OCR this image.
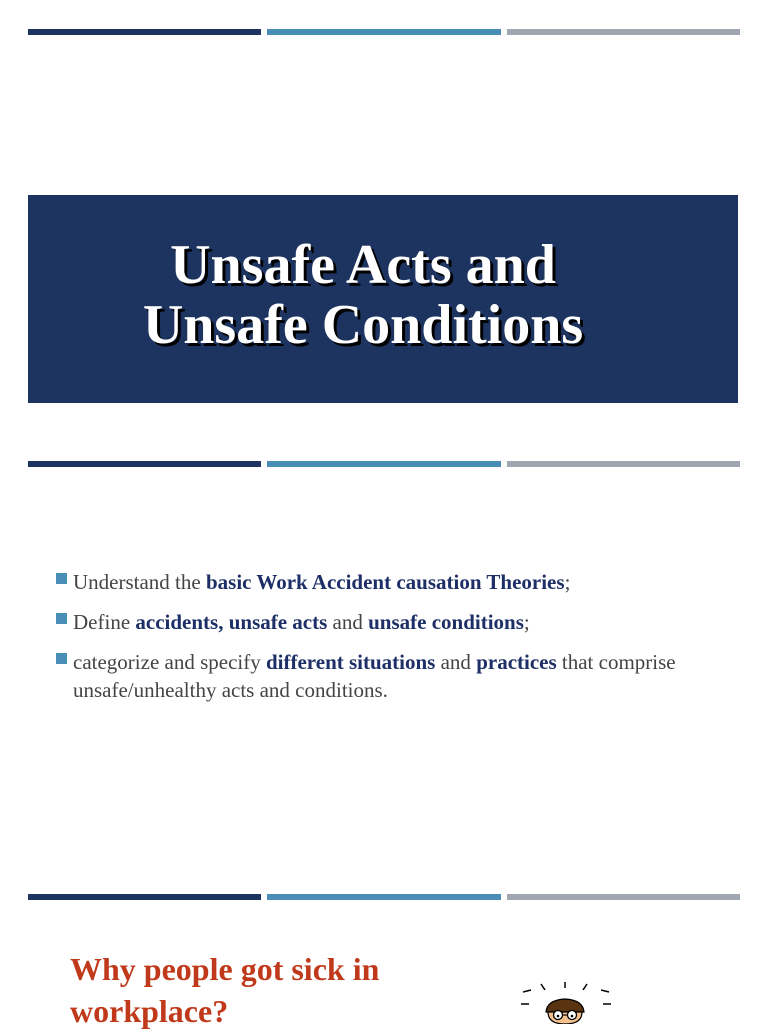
Unsafe Acts and
Unsafe Conditions
Understand the basic Work Accident causation Theories;
Define accidents, unsafe acts and unsafe conditions;
categorize and specify different situations and practices that comprise unsafe/unhealthy acts and conditions.
Why people got sick in workplace?
